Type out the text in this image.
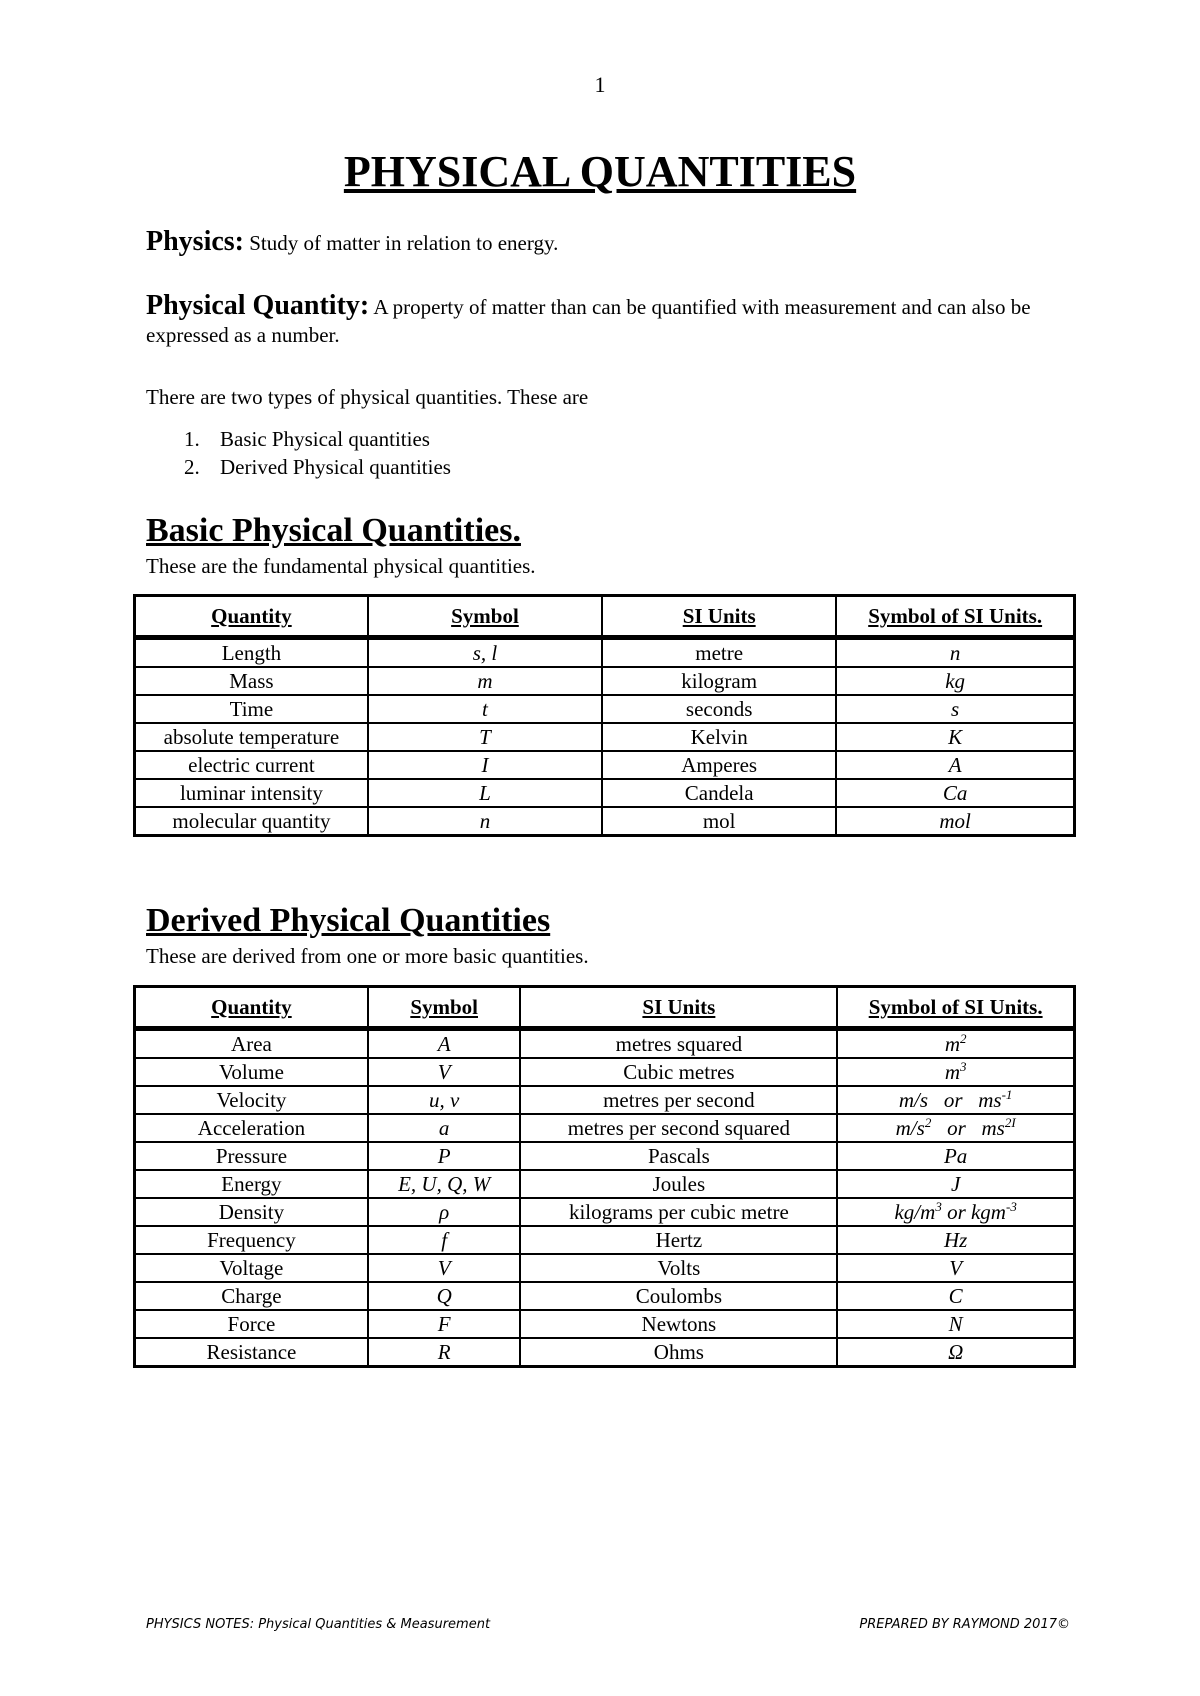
1
PHYSICAL QUANTITIES

Physics: Study of matter in relation to energy.

Physical Quantity: A property of matter than can be quantified with measurement and can also be expressed as a number.

There are two types of physical quantities. These are

1. Basic Physical quantities
2. Derived Physical quantities
Basic Physical Quantities.

These are the fundamental physical quantities.

Quantity	Symbol	SI Units	Symbol of SI Units.
Length	s, l	metre	n
Mass	m	kilogram	kg
Time	t	seconds	s
absolute temperature	T	Kelvin	K
electric current	I	Amperes	A
luminar intensity	L	Candela	Ca
molecular quantity	n	mol	mol
Derived Physical Quantities

These are derived from one or more basic quantities.

Quantity	Symbol	SI Units	Symbol of SI Units.
Area	A	metres squared	$m^2$
Volume	V	Cubic metres	$m^3$
Velocity	u, v	metres per second	m/s   or   $ms^{-1}$
Acceleration	a	metres per second squared	$m/s^2$   or   $ms^{2I}$
Pressure	P	Pascals	Pa
Energy	E, U, Q, W	Joules	J
Density	ρ	kilograms per cubic metre	$kg/m^3$ or kgm$^{-3}$
Frequency	f	Hertz	Hz
Voltage	V	Volts	V
Charge	Q	Coulombs	C
Force	F	Newtons	N
Resistance	R	Ohms	Ω
PHYSICS NOTES: Physical Quantities & Measurement	PREPARED BY RAYMOND 2017©
